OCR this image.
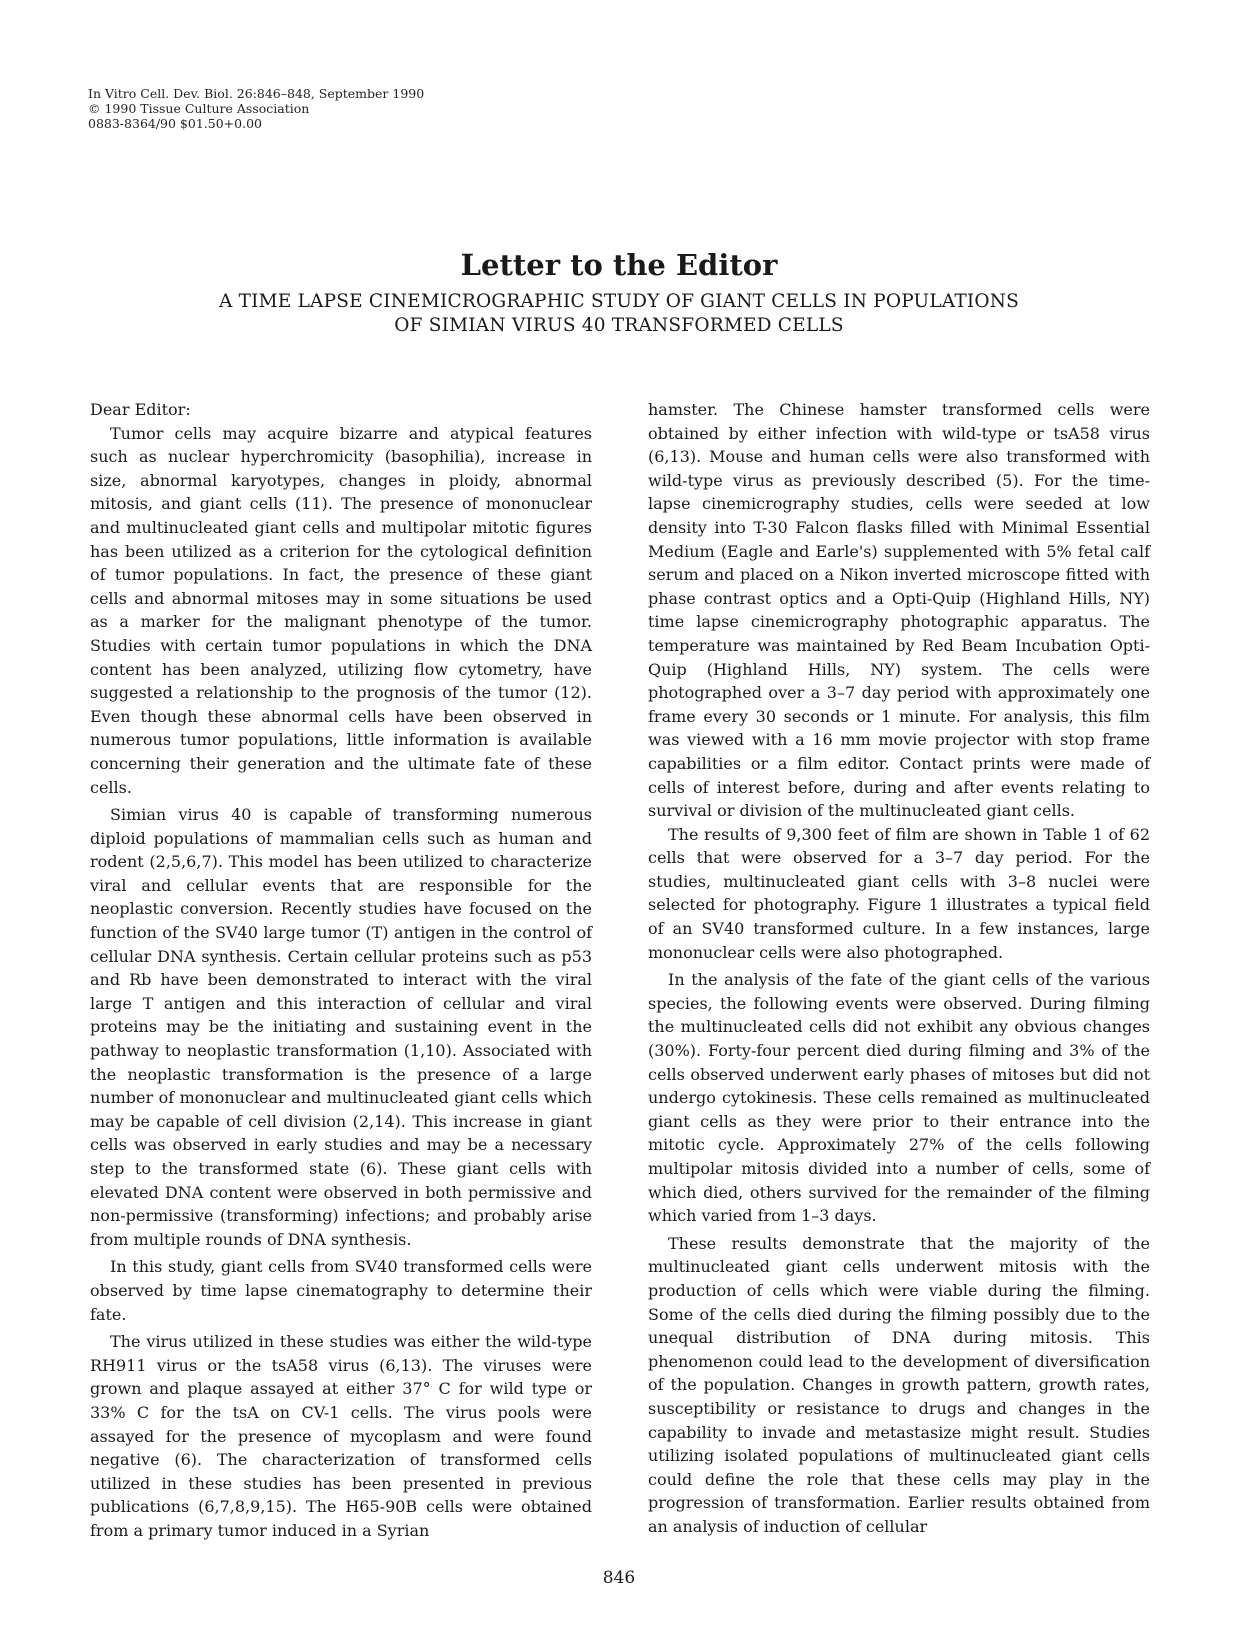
In Vitro Cell. Dev. Biol. 26:846–848, September 1990
© 1990 Tissue Culture Association
0883-8364/90 $01.50+0.00
Letter to the Editor
A TIME LAPSE CINEMICROGRAPHIC STUDY OF GIANT CELLS IN POPULATIONS
OF SIMIAN VIRUS 40 TRANSFORMED CELLS

Dear Editor:

Tumor cells may acquire bizarre and atypical features such as nuclear hyperchromicity (basophilia), increase in size, abnormal karyotypes, changes in ploidy, abnormal mitosis, and giant cells (11). The presence of mononuclear and multinucleated giant cells and multipolar mitotic figures has been utilized as a criterion for the cytological definition of tumor populations. In fact, the presence of these giant cells and abnormal mitoses may in some situations be used as a marker for the malignant phenotype of the tumor. Studies with certain tumor populations in which the DNA content has been analyzed, utilizing flow cytometry, have suggested a relationship to the prognosis of the tumor (12). Even though these abnormal cells have been observed in numerous tumor populations, little information is available concerning their generation and the ultimate fate of these cells.

Simian virus 40 is capable of transforming numerous diploid populations of mammalian cells such as human and rodent (2,5,6,7). This model has been utilized to characterize viral and cellular events that are responsible for the neoplastic conversion. Recently studies have focused on the function of the SV40 large tumor (T) antigen in the control of cellular DNA synthesis. Certain cellular proteins such as p53 and Rb have been demonstrated to interact with the viral large T antigen and this interaction of cellular and viral proteins may be the initiating and sustaining event in the pathway to neoplastic transformation (1,10). Associated with the neoplastic transformation is the presence of a large number of mononuclear and multinucleated giant cells which may be capable of cell division (2,14). This increase in giant cells was observed in early studies and may be a necessary step to the transformed state (6). These giant cells with elevated DNA content were observed in both permissive and non-permissive (transforming) infections; and probably arise from multiple rounds of DNA synthesis.

In this study, giant cells from SV40 transformed cells were observed by time lapse cinematography to determine their fate.

The virus utilized in these studies was either the wild-type RH911 virus or the tsA58 virus (6,13). The viruses were grown and plaque assayed at either 37° C for wild type or 33% C for the tsA on CV-1 cells. The virus pools were assayed for the presence of mycoplasm and were found negative (6). The characterization of transformed cells utilized in these studies has been presented in previous publications (6,7,8,9,15). The H65-90B cells were obtained from a primary tumor induced in a Syrian

hamster. The Chinese hamster transformed cells were obtained by either infection with wild-type or tsA58 virus (6,13). Mouse and human cells were also transformed with wild-type virus as previously described (5). For the time-lapse cinemicrography studies, cells were seeded at low density into T-30 Falcon flasks filled with Minimal Essential Medium (Eagle and Earle's) supplemented with 5% fetal calf serum and placed on a Nikon inverted microscope fitted with phase contrast optics and a Opti-Quip (Highland Hills, NY) time lapse cinemicrography photographic apparatus. The temperature was maintained by Red Beam Incubation Opti-Quip (Highland Hills, NY) system. The cells were photographed over a 3–7 day period with approximately one frame every 30 seconds or 1 minute. For analysis, this film was viewed with a 16 mm movie projector with stop frame capabilities or a film editor. Contact prints were made of cells of interest before, during and after events relating to survival or division of the multinucleated giant cells.

The results of 9,300 feet of film are shown in Table 1 of 62 cells that were observed for a 3–7 day period. For the studies, multinucleated giant cells with 3–8 nuclei were selected for photography. Figure 1 illustrates a typical field of an SV40 transformed culture. In a few instances, large mononuclear cells were also photographed.

In the analysis of the fate of the giant cells of the various species, the following events were observed. During filming the multinucleated cells did not exhibit any obvious changes (30%). Forty-four percent died during filming and 3% of the cells observed underwent early phases of mitoses but did not undergo cytokinesis. These cells remained as multinucleated giant cells as they were prior to their entrance into the mitotic cycle. Approximately 27% of the cells following multipolar mitosis divided into a number of cells, some of which died, others survived for the remainder of the filming which varied from 1–3 days.

These results demonstrate that the majority of the multinucleated giant cells underwent mitosis with the production of cells which were viable during the filming. Some of the cells died during the filming possibly due to the unequal distribution of DNA during mitosis. This phenomenon could lead to the development of diversification of the population. Changes in growth pattern, growth rates, susceptibility or resistance to drugs and changes in the capability to invade and metastasize might result. Studies utilizing isolated populations of multinucleated giant cells could define the role that these cells may play in the progression of transformation. Earlier results obtained from an analysis of induction of cellular

846
